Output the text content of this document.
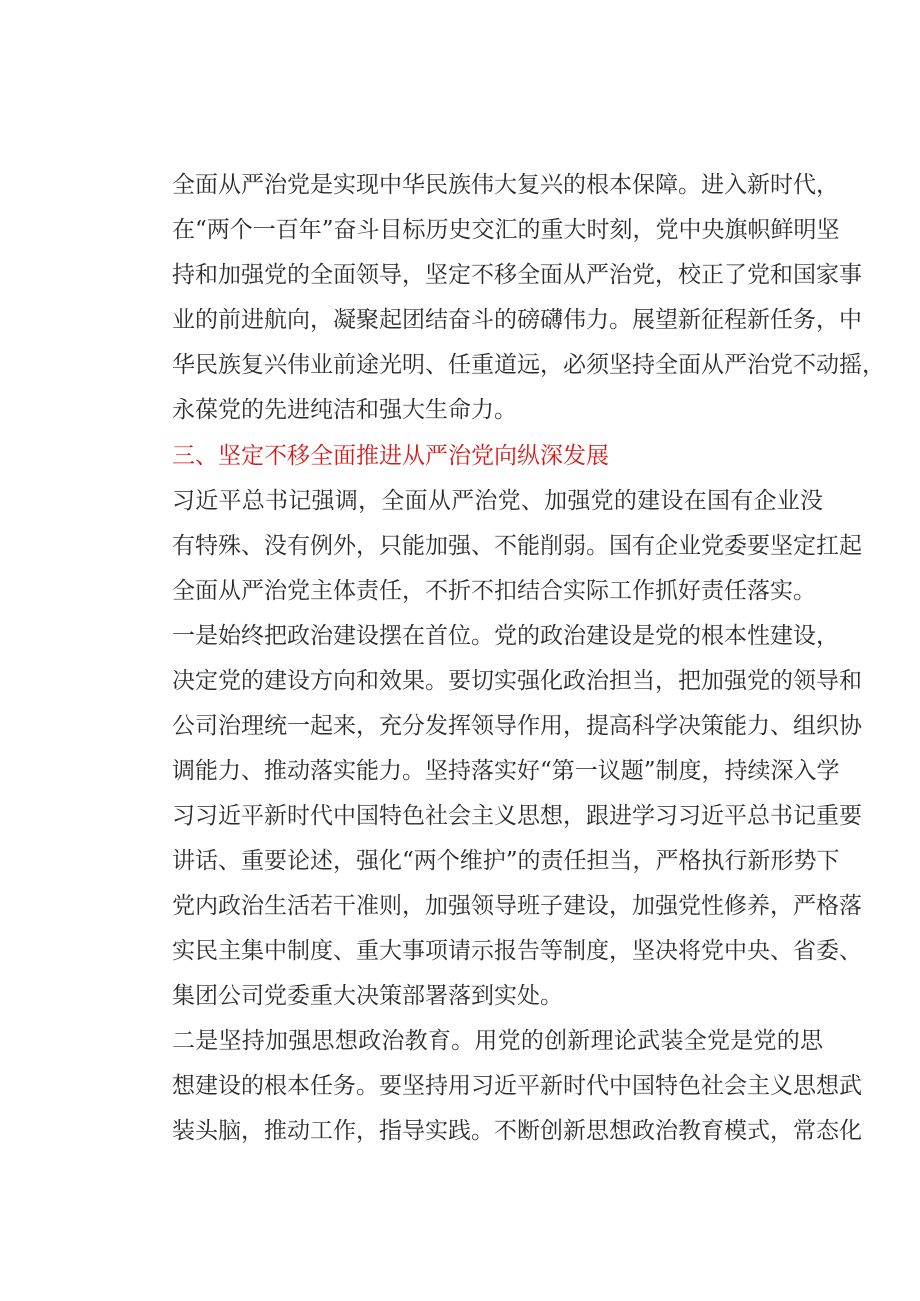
全面从严治党是实现中华民族伟大复兴的根本保障。进入新时代，
在“两个一百年”奋斗目标历史交汇的重大时刻，党中央旗帜鲜明坚
持和加强党的全面领导，坚定不移全面从严治党，校正了党和国家事
业的前进航向，凝聚起团结奋斗的磅礴伟力。展望新征程新任务，中
华民族复兴伟业前途光明、任重道远，必须坚持全面从严治党不动摇，
永葆党的先进纯洁和强大生命力。
三、坚定不移全面推进从严治党向纵深发展
习近平总书记强调，全面从严治党、加强党的建设在国有企业没
有特殊、没有例外，只能加强、不能削弱。国有企业党委要坚定扛起
全面从严治党主体责任，不折不扣结合实际工作抓好责任落实。
一是始终把政治建设摆在首位。党的政治建设是党的根本性建设，
决定党的建设方向和效果。要切实强化政治担当，把加强党的领导和
公司治理统一起来，充分发挥领导作用，提高科学决策能力、组织协
调能力、推动落实能力。坚持落实好“第一议题”制度，持续深入学
习习近平新时代中国特色社会主义思想，跟进学习习近平总书记重要
讲话、重要论述，强化“两个维护”的责任担当，严格执行新形势下
党内政治生活若干准则，加强领导班子建设，加强党性修养，严格落
实民主集中制度、重大事项请示报告等制度，坚决将党中央、省委、
集团公司党委重大决策部署落到实处。
二是坚持加强思想政治教育。用党的创新理论武装全党是党的思
想建设的根本任务。要坚持用习近平新时代中国特色社会主义思想武
装头脑，推动工作，指导实践。不断创新思想政治教育模式，常态化
